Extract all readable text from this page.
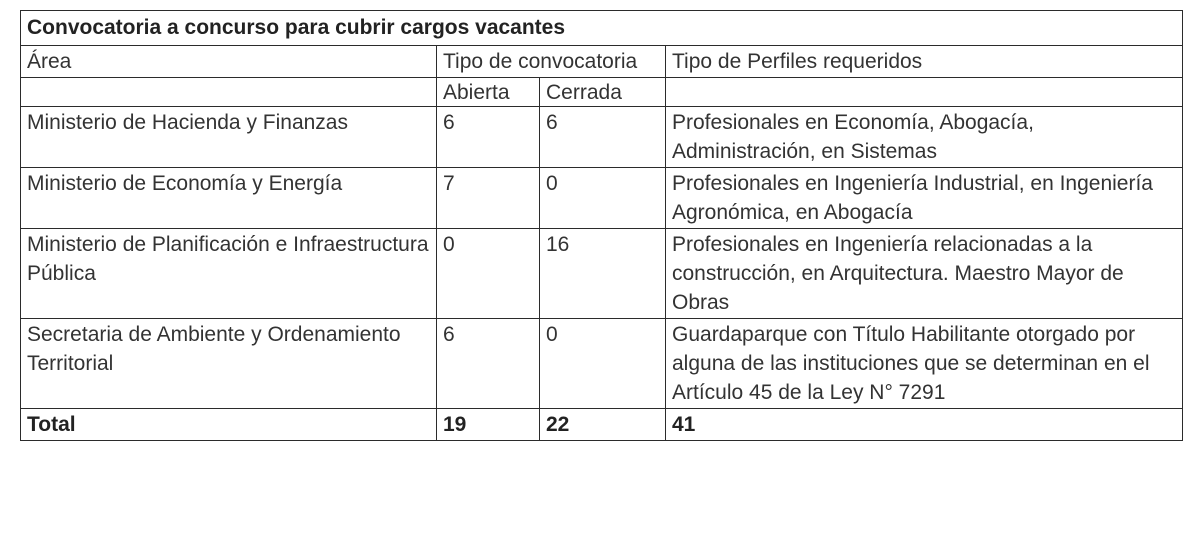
Convocatoria a concurso para cubrir cargos vacantes			
Área	Tipo de convocatoria		Tipo de Perfiles requeridos
	Abierta	Cerrada	
Ministerio de Hacienda y Finanzas	6	6	Profesionales en Economía, Abogacía, Administración, en Sistemas
Ministerio de Economía y Energía	7	0	Profesionales en Ingeniería Industrial, en Ingeniería Agronómica, en Abogacía
Ministerio de Planificación e Infraestructura Pública	0	16	Profesionales en Ingeniería relacionadas a la construcción, en Arquitectura. Maestro Mayor de Obras
Secretaria de Ambiente y Ordenamiento Territorial	6	0	Guardaparque con Título Habilitante otorgado por alguna de las instituciones que se determinan en el Artículo 45 de la Ley N° 7291
Total	19	22	41
